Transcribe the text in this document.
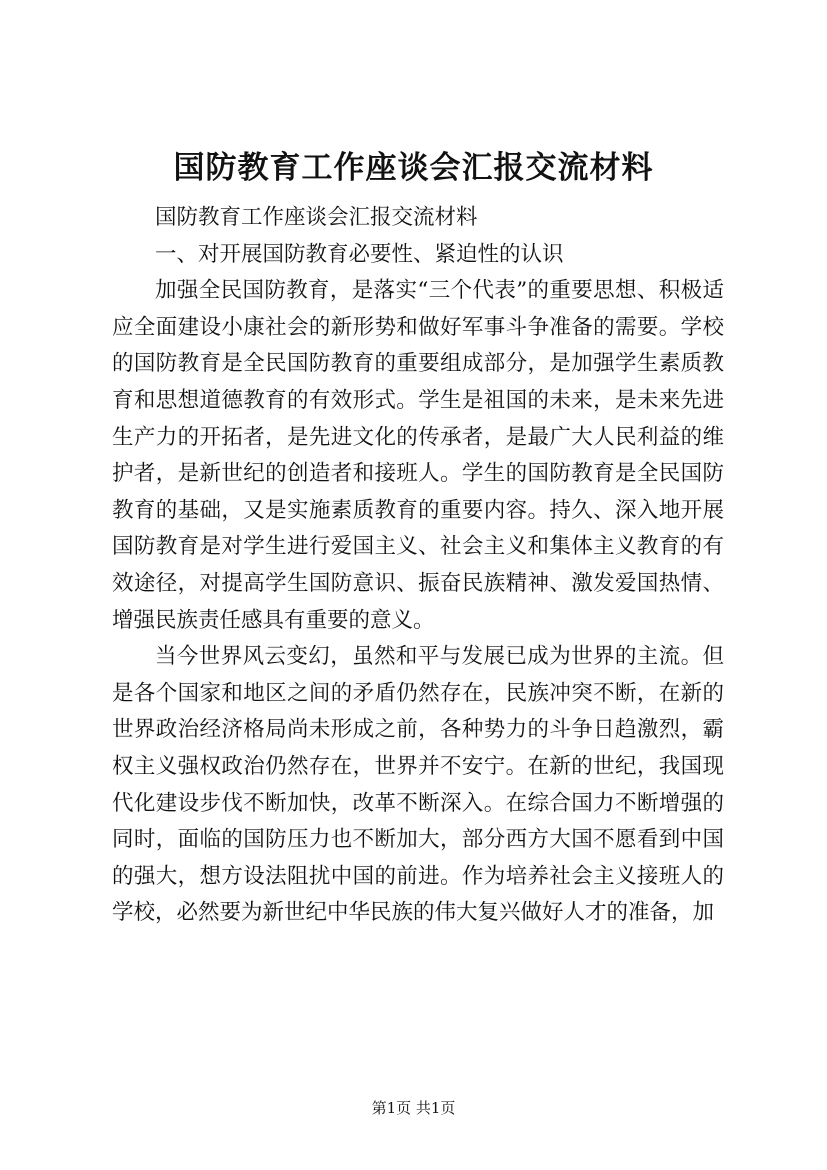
国防教育工作座谈会汇报交流材料

国防教育工作座谈会汇报交流材料

一、对开展国防教育必要性、紧迫性的认识

加强全民国防教育，是落实“三个代表”的重要思想、积极适应全面建设小康社会的新形势和做好军事斗争准备的需要。学校的国防教育是全民国防教育的重要组成部分，是加强学生素质教育和思想道德教育的有效形式。学生是祖国的未来，是未来先进生产力的开拓者，是先进文化的传承者，是最广大人民利益的维护者，是新世纪的创造者和接班人。学生的国防教育是全民国防教育的基础，又是实施素质教育的重要内容。持久、深入地开展国防教育是对学生进行爱国主义、社会主义和集体主义教育的有效途径，对提高学生国防意识、振奋民族精神、激发爱国热情、增强民族责任感具有重要的意义。

当今世界风云变幻，虽然和平与发展已成为世界的主流。但是各个国家和地区之间的矛盾仍然存在，民族冲突不断，在新的世界政治经济格局尚未形成之前，各种势力的斗争日趋激烈，霸权主义强权政治仍然存在，世界并不安宁。在新的世纪，我国现代化建设步伐不断加快，改革不断深入。在综合国力不断增强的同时，面临的国防压力也不断加大，部分西方大国不愿看到中国的强大，想方设法阻扰中国的前进。作为培养社会主义接班人的学校，必然要为新世纪中华民族的伟大复兴做好人才的准备，加

第1页 共1页
